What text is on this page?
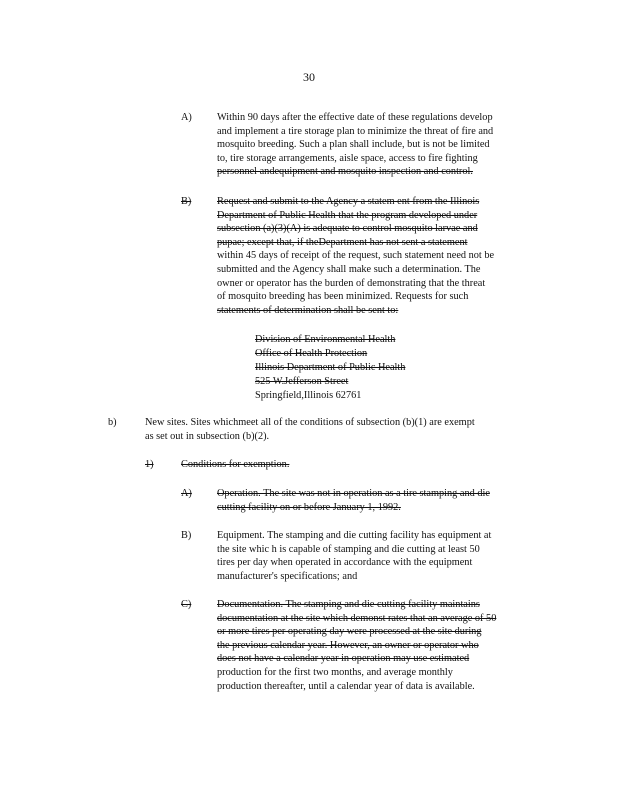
30
A) Within 90 days after the effective date of these regulations develop
and implement a tire storage plan to minimize the threat of fire and
mosquito breeding. Such a plan shall include, but is not be limited
to, tire storage arrangements, aisle space, access to fire fighting
personnel andequipment and mosquito inspection and control.
B) Request and submit to the Agency a statem ent from the Illinois
Department of Public Health that the program developed under
subsection (a)(3)(A) is adequate to control mosquito larvae and
pupae; except that, if theDepartment has not sent a statement
within 45 days of receipt of the request, such statement need not be
submitted and the Agency shall make such a determination. The
owner or operator has the burden of demonstrating that the threat
of mosquito breeding has been minimized. Requests for such
statements of determination shall be sent to:
Division of Environmental Health
Office of Health Protection
Illinois Department of Public Health
525 W.Jefferson Street
Springfield,Illinois 62761
b)	New sites. Sites whichmeet all of the conditions of subsection (b)(1) are exempt
as set out in subsection (b)(2).
1)	Conditions for exemption.
A) Operation. The site was not in operation as a tire stamping and die
cutting facility on or before January 1, 1992.
B) Equipment. The stamping and die cutting facility has equipment at
the site whic h is capable of stamping and die cutting at least 50
tires per day when operated in accordance with the equipment
manufacturer's specifications; and
C) Documentation. The stamping and die cutting facility maintains
documentation at the site which demonst rates that an average of 50
or more tires per operating day were processed at the site during
the previous calendar year. However, an owner or operator who
does not have a calendar year in operation may use estimated
production for the first two months, and average monthly
production thereafter, until a calendar year of data is available.
